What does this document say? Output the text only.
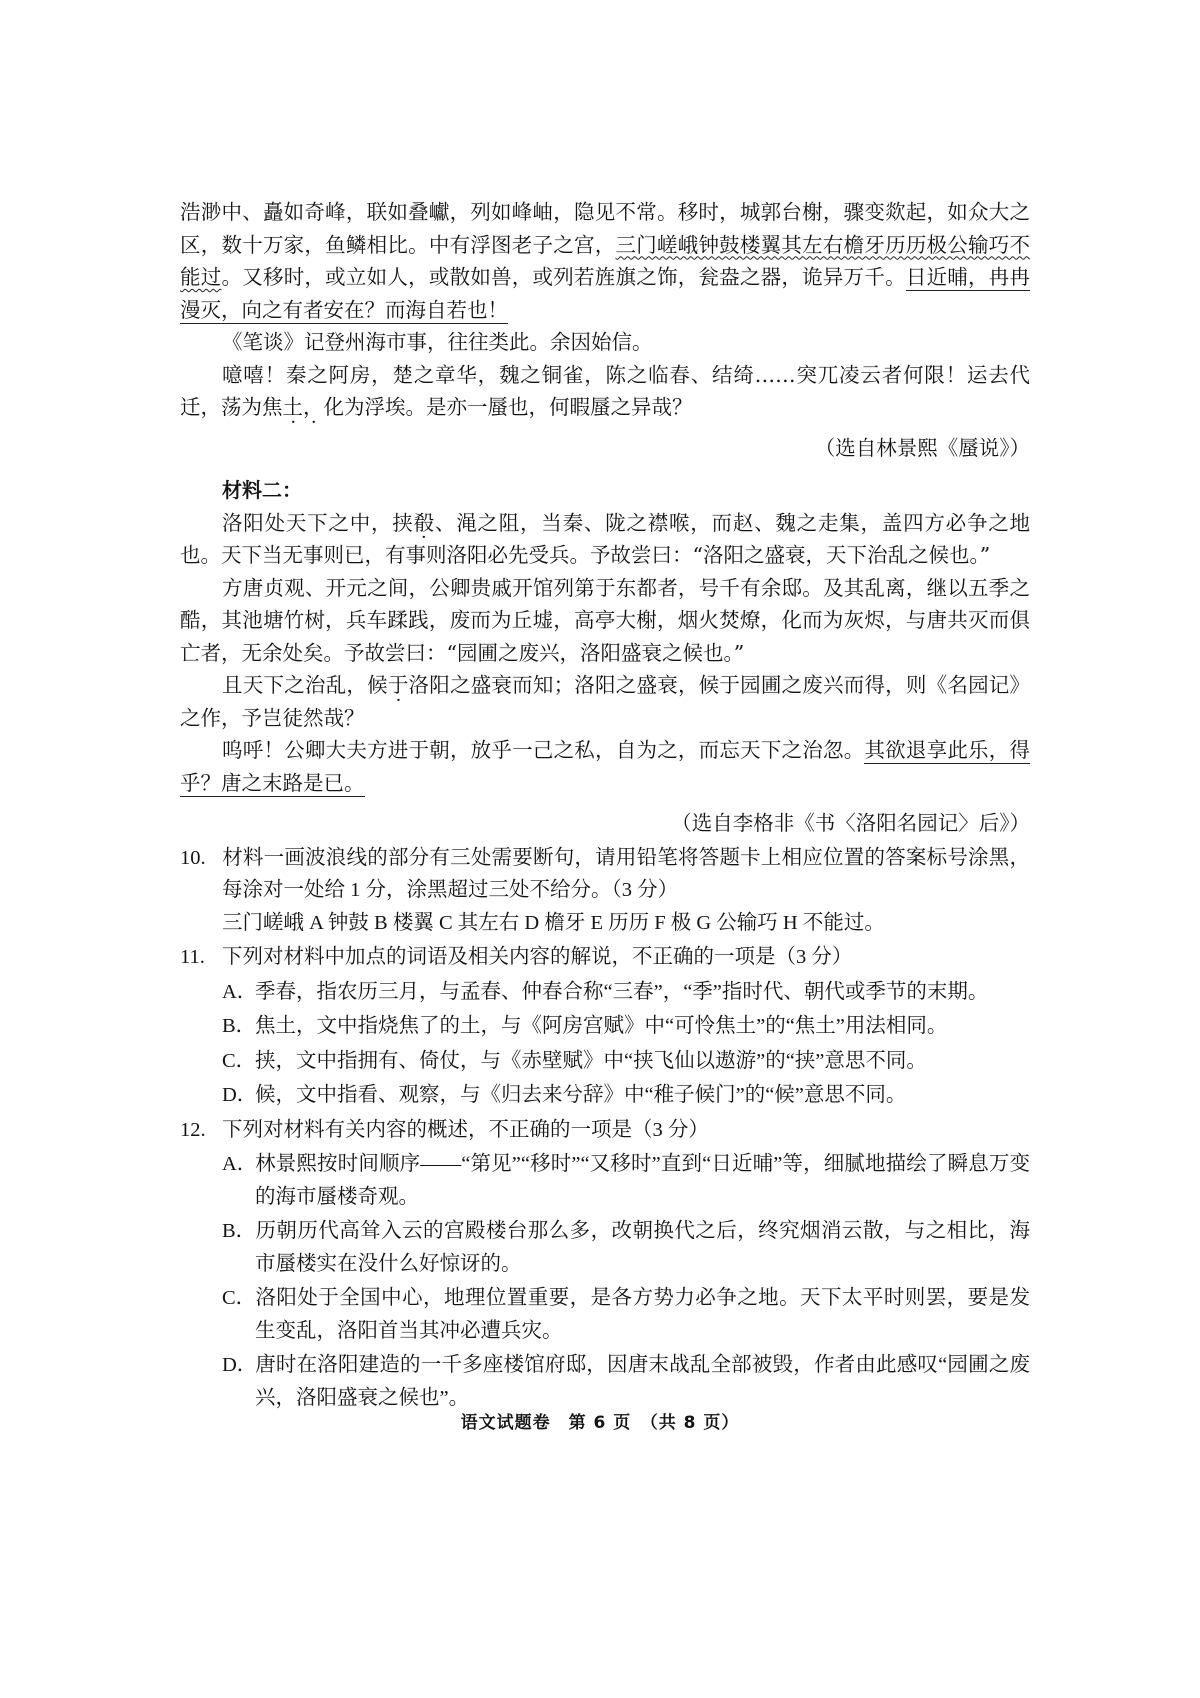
浩渺中、矗如奇峰，联如叠巘，列如峰岫，隐见不常。移时，城郭台榭，骤变欻起，如众大之区，数十万家，鱼鳞相比。中有浮图老子之宫，三门嵯峨钟鼓楼翼其左右檐牙历历极公输巧不能过。又移时，或立如人，或散如兽，或列若旌旗之饰，瓮盎之器，诡异万千。日近晡，冉冉漫灭，向之有者安在？而海自若也！

《笔谈》记登州海市事，往往类此。余因始信。

噫嘻！秦之阿房，楚之章华，魏之铜雀，陈之临春、结绮……突兀凌云者何限！运去代迁，荡为焦土，化为浮埃。是亦一蜃也，何暇蜃之异哉？

（选自林景熙《蜃说》）

材料二：

洛阳处天下之中，挟殽、渑之阻，当秦、陇之襟喉，而赵、魏之走集，盖四方必争之地也。天下当无事则已，有事则洛阳必先受兵。予故尝曰：“洛阳之盛衰，天下治乱之候也。”

方唐贞观、开元之间，公卿贵戚开馆列第于东都者，号千有余邸。及其乱离，继以五季之酷，其池塘竹树，兵车蹂践，废而为丘墟，高亭大榭，烟火焚燎，化而为灰烬，与唐共灭而俱亡者，无余处矣。予故尝曰：“园圃之废兴，洛阳盛衰之候也。”

且天下之治乱，候于洛阳之盛衰而知；洛阳之盛衰，候于园圃之废兴而得，则《名园记》之作，予岂徒然哉？

呜呼！公卿大夫方进于朝，放乎一己之私，自为之，而忘天下之治忽。其欲退享此乐，得乎？唐之末路是已。

（选自李格非《书〈洛阳名园记〉后》）

10. 材料一画波浪线的部分有三处需要断句，请用铅笔将答题卡上相应位置的答案标号涂黑，每涂对一处给 1 分，涂黑超过三处不给分。（3 分）
三门嵯峨 A 钟鼓 B 楼翼 C 其左右 D 檐牙 E 历历 F 极 G 公输巧 H 不能过。
11. 下列对材料中加点的词语及相关内容的解说，不正确的一项是（3 分）
A．季春，指农历三月，与孟春、仲春合称“三春”，“季”指时代、朝代或季节的末期。
B．焦土，文中指烧焦了的土，与《阿房宫赋》中“可怜焦土”的“焦土”用法相同。
C．挟，文中指拥有、倚仗，与《赤壁赋》中“挟飞仙以遨游”的“挟”意思不同。
D．候，文中指看、观察，与《归去来兮辞》中“稚子候门”的“候”意思不同。
12. 下列对材料有关内容的概述，不正确的一项是（3 分）
A．林景熙按时间顺序——“第见”“移时”“又移时”直到“日近晡”等，细腻地描绘了瞬息万变的海市蜃楼奇观。
B．历朝历代高耸入云的宫殿楼台那么多，改朝换代之后，终究烟消云散，与之相比，海市蜃楼实在没什么好惊讶的。
C．洛阳处于全国中心，地理位置重要，是各方势力必争之地。天下太平时则罢，要是发生变乱，洛阳首当其冲必遭兵灾。
D．唐时在洛阳建造的一千多座楼馆府邸，因唐末战乱全部被毁，作者由此感叹“园圃之废兴，洛阳盛衰之候也”。
语文试题卷　第 6 页　（共 8 页）
